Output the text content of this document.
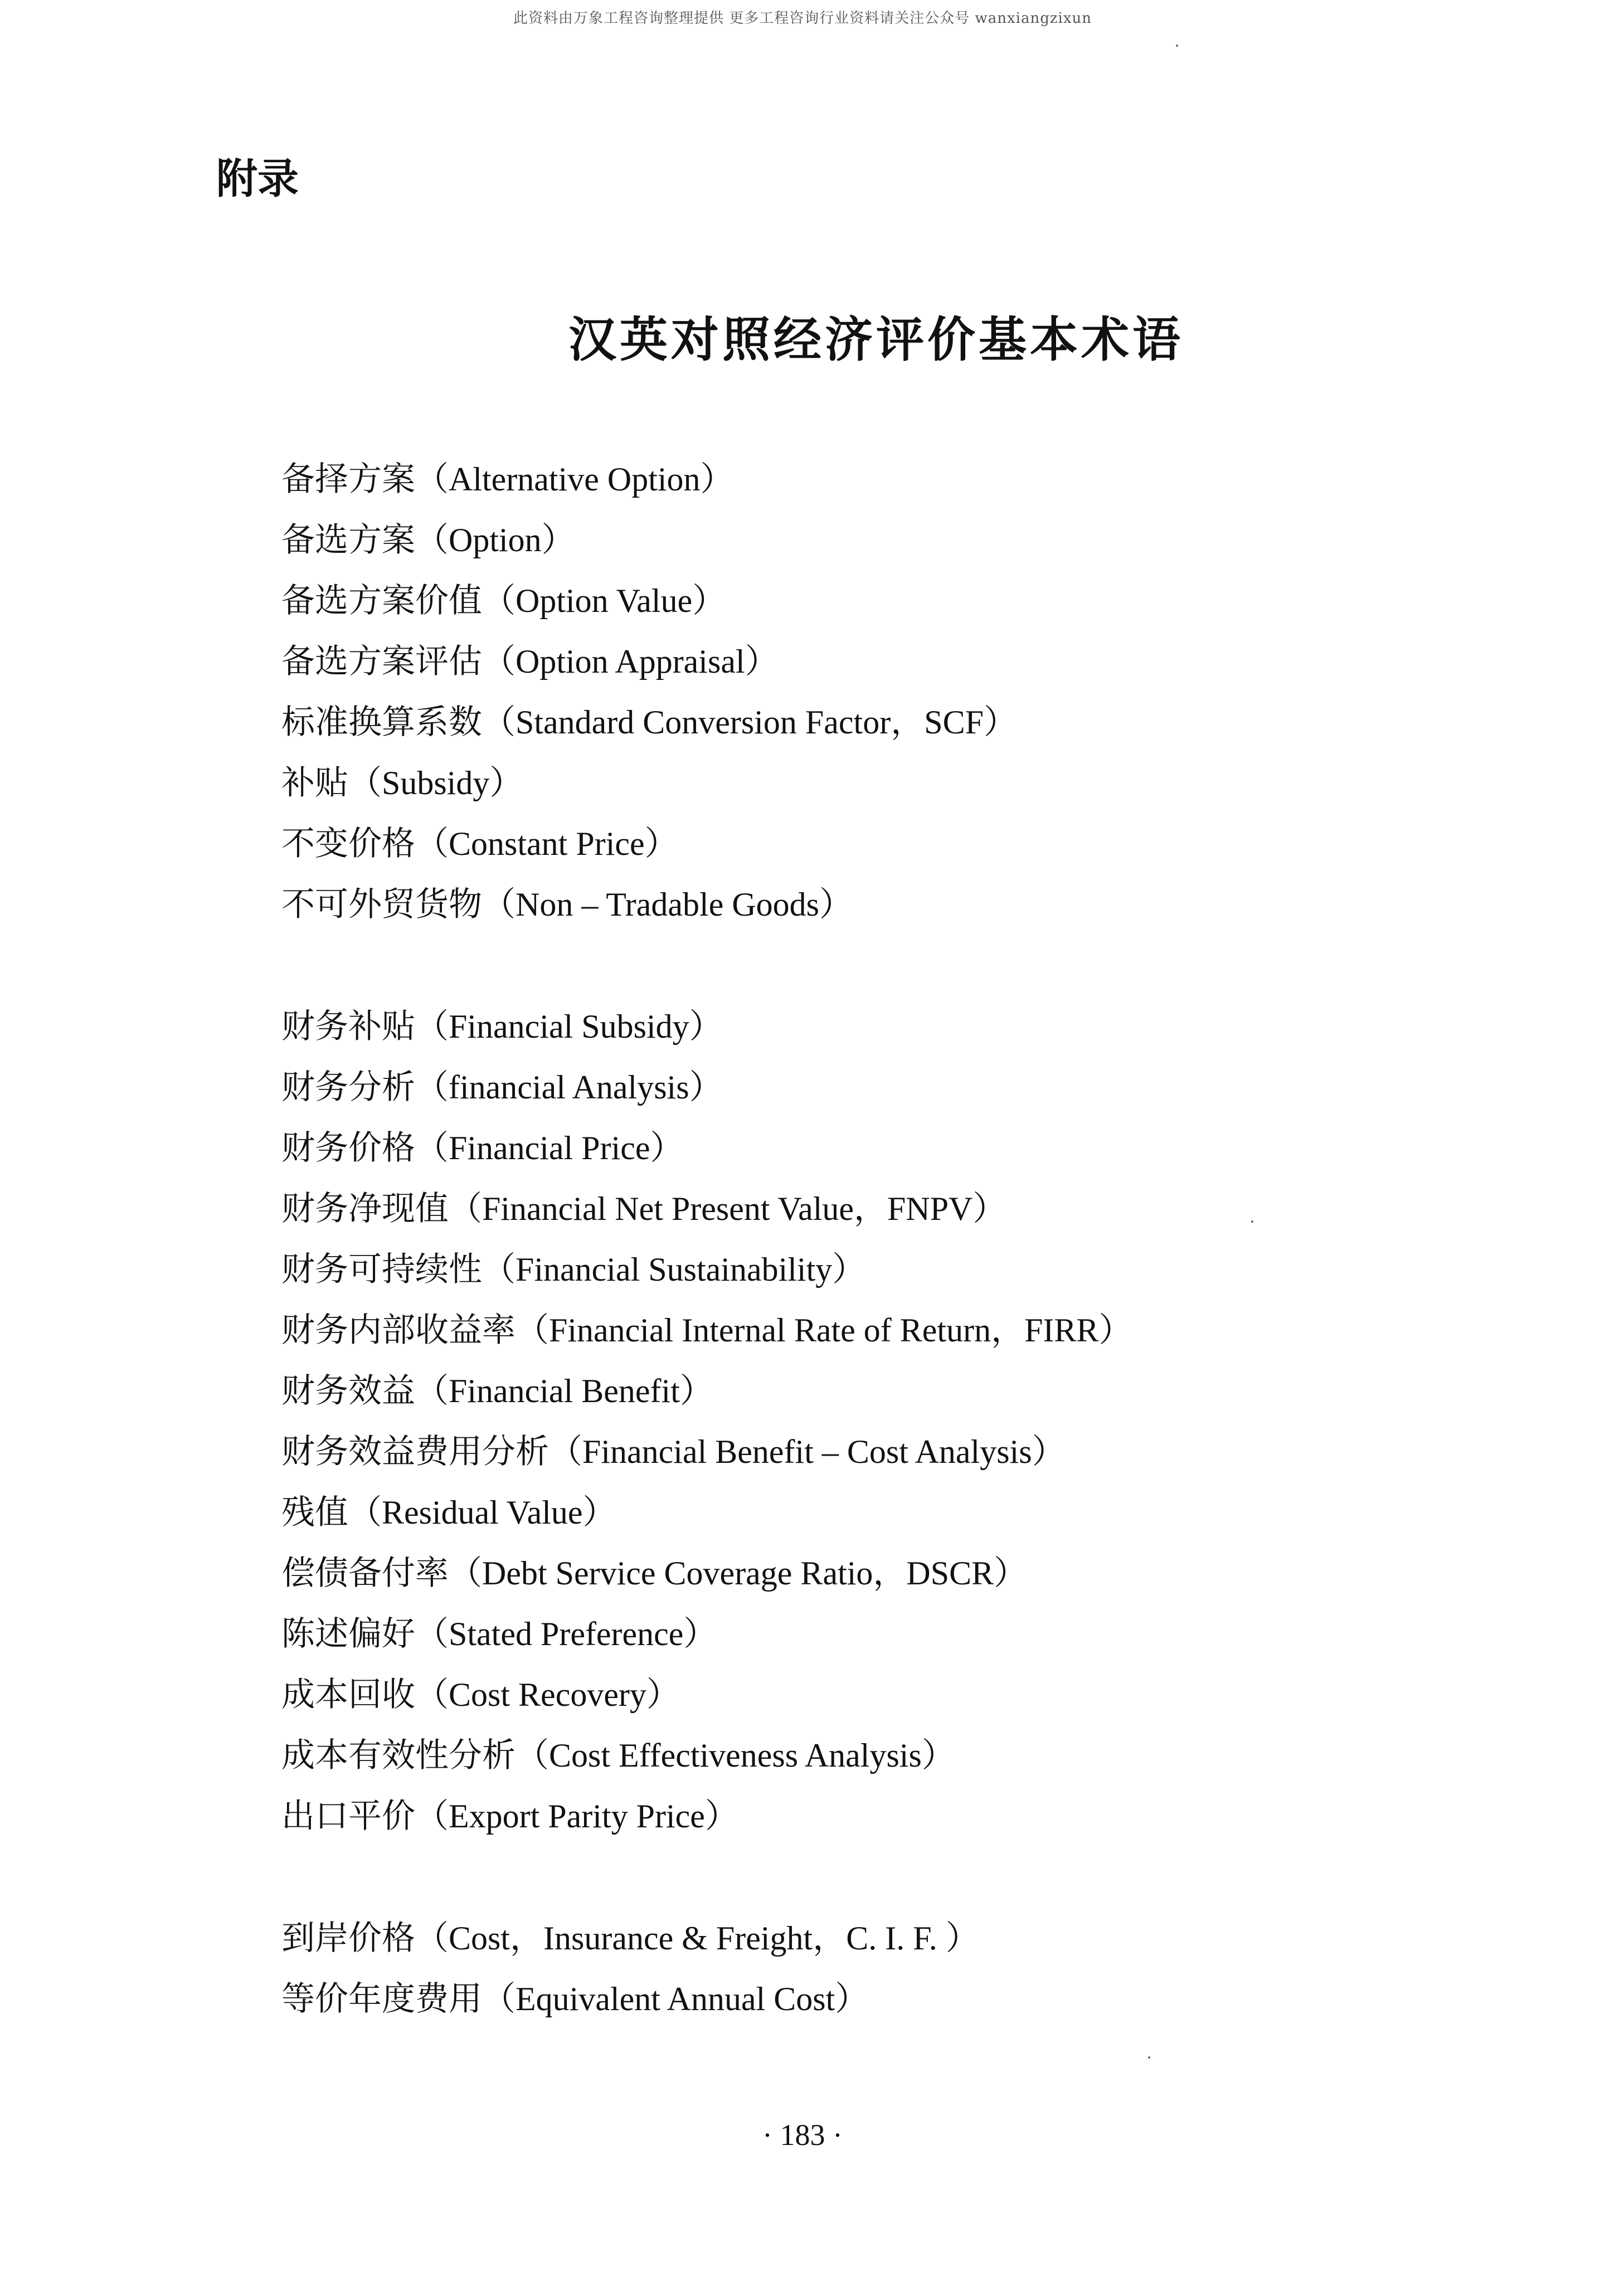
此资料由万象工程咨询整理提供 更多工程咨询行业资料请关注公众号 wanxiangzixun
附录
汉英对照经济评价基本术语
备择方案（Alternative Option）
备选方案（Option）
备选方案价值（Option Value）
备选方案评估（Option Appraisal）
标准换算系数（Standard Conversion Factor，SCF）
补贴（Subsidy）
不变价格（Constant Price）
不可外贸货物（Non – Tradable Goods）
财务补贴（Financial Subsidy）
财务分析（financial Analysis）
财务价格（Financial Price）
财务净现值（Financial Net Present Value，FNPV）
财务可持续性（Financial Sustainability）
财务内部收益率（Financial Internal Rate of Return，FIRR）
财务效益（Financial Benefit）
财务效益费用分析（Financial Benefit – Cost Analysis）
残值（Residual Value）
偿债备付率（Debt Service Coverage Ratio，DSCR）
陈述偏好（Stated Preference）
成本回收（Cost Recovery）
成本有效性分析（Cost Effectiveness Analysis）
出口平价（Export Parity Price）
到岸价格（Cost，Insurance & Freight，C. I. F. ）
等价年度费用（Equivalent Annual Cost）
· 183 ·
